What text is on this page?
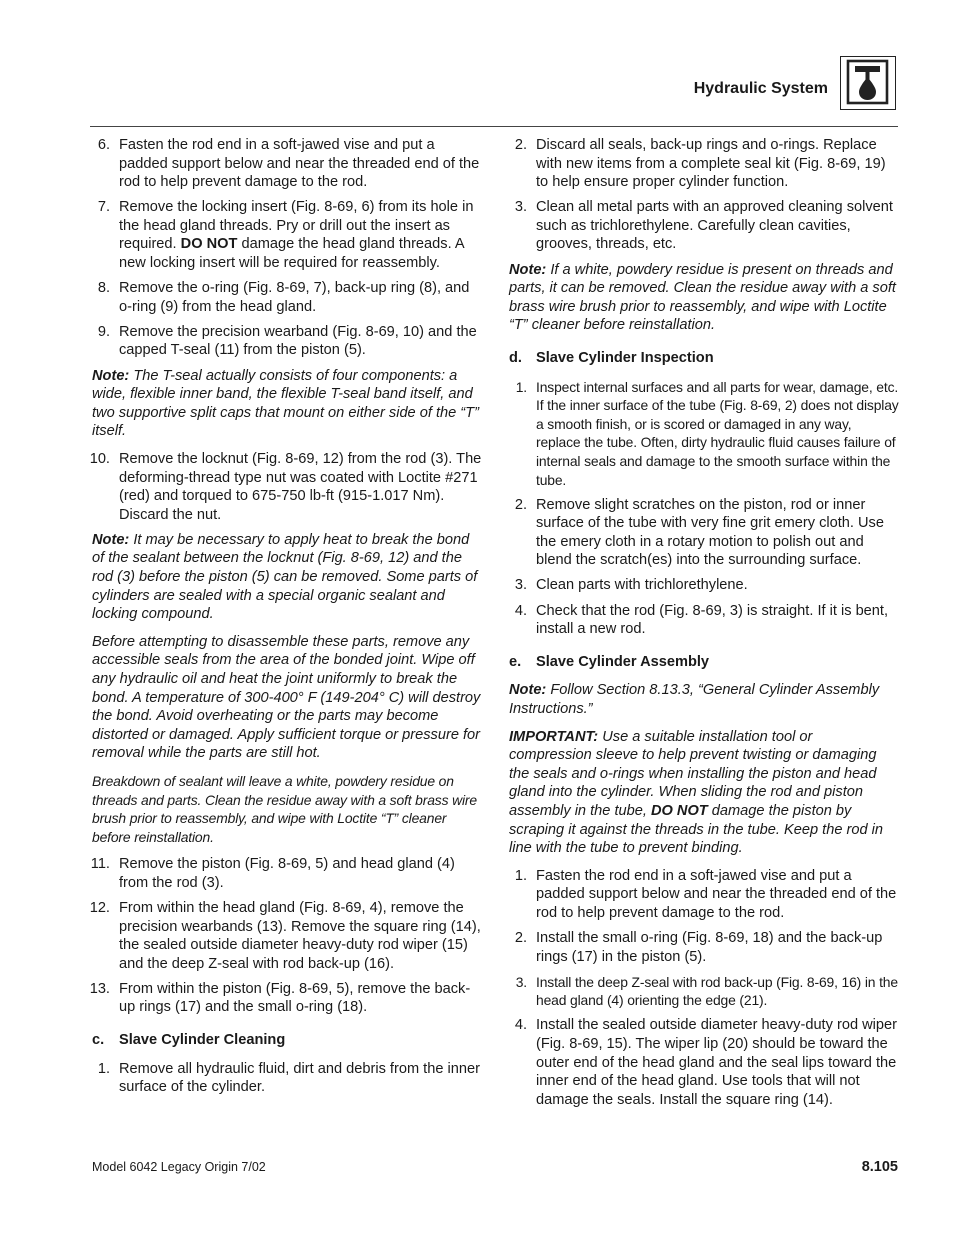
Hydraulic System
6. Fasten the rod end in a soft-jawed vise and put a padded support below and near the threaded end of the rod to help prevent damage to the rod.
7. Remove the locking insert (Fig. 8-69, 6) from its hole in the head gland threads. Pry or drill out the insert as required. DO NOT damage the head gland threads. A new locking insert will be required for reassembly.
8. Remove the o-ring (Fig. 8-69, 7), back-up ring (8), and o-ring (9) from the head gland.
9. Remove the precision wearband (Fig. 8-69, 10) and the capped T-seal (11) from the piston (5).
Note: The T-seal actually consists of four components: a wide, flexible inner band, the flexible T-seal band itself, and two supportive split caps that mount on either side of the “T” itself.
10. Remove the locknut (Fig. 8-69, 12) from the rod (3). The deforming-thread type nut was coated with Loctite #271 (red) and torqued to 675-750 lb-ft (915-1.017 Nm). Discard the nut.
Note: It may be necessary to apply heat to break the bond of the sealant between the locknut (Fig. 8-69, 12) and the rod (3) before the piston (5) can be removed. Some parts of cylinders are sealed with a special organic sealant and locking compound.
Before attempting to disassemble these parts, remove any accessible seals from the area of the bonded joint. Wipe off any hydraulic oil and heat the joint uniformly to break the bond. A temperature of 300-400° F (149-204° C) will destroy the bond. Avoid overheating or the parts may become distorted or damaged. Apply sufficient torque or pressure for removal while the parts are still hot.
Breakdown of sealant will leave a white, powdery residue on threads and parts. Clean the residue away with a soft brass wire brush prior to reassembly, and wipe with Loctite “T” cleaner before reinstallation.
11. Remove the piston (Fig. 8-69, 5) and head gland (4) from the rod (3).
12. From within the head gland (Fig. 8-69, 4), remove the precision wearbands (13). Remove the square ring (14), the sealed outside diameter heavy-duty rod wiper (15) and the deep Z-seal with rod back-up (16).
13. From within the piston (Fig. 8-69, 5), remove the back-up rings (17) and the small o-ring (18).
c. Slave Cylinder Cleaning
1. Remove all hydraulic fluid, dirt and debris from the inner surface of the cylinder.
2. Discard all seals, back-up rings and o-rings. Replace with new items from a complete seal kit (Fig. 8-69, 19) to help ensure proper cylinder function.
3. Clean all metal parts with an approved cleaning solvent such as trichlorethylene. Carefully clean cavities, grooves, threads, etc.
Note: If a white, powdery residue is present on threads and parts, it can be removed. Clean the residue away with a soft brass wire brush prior to reassembly, and wipe with Loctite “T” cleaner before reinstallation.
d. Slave Cylinder Inspection
1. Inspect internal surfaces and all parts for wear, damage, etc. If the inner surface of the tube (Fig. 8-69, 2) does not display a smooth finish, or is scored or damaged in any way, replace the tube. Often, dirty hydraulic fluid causes failure of internal seals and damage to the smooth surface within the tube.
2. Remove slight scratches on the piston, rod or inner surface of the tube with very fine grit emery cloth. Use the emery cloth in a rotary motion to polish out and blend the scratch(es) into the surrounding surface.
3. Clean parts with trichlorethylene.
4. Check that the rod (Fig. 8-69, 3) is straight. If it is bent, install a new rod.
e. Slave Cylinder Assembly
Note: Follow Section 8.13.3, “General Cylinder Assembly Instructions.”
IMPORTANT: Use a suitable installation tool or compression sleeve to help prevent twisting or damaging the seals and o-rings when installing the piston and head gland into the cylinder. When sliding the rod and piston assembly in the tube, DO NOT damage the piston by scraping it against the threads in the tube. Keep the rod in line with the tube to prevent binding.
1. Fasten the rod end in a soft-jawed vise and put a padded support below and near the threaded end of the rod to help prevent damage to the rod.
2. Install the small o-ring (Fig. 8-69, 18) and the back-up rings (17) in the piston (5).
3. Install the deep Z-seal with rod back-up (Fig. 8-69, 16) in the head gland (4) orienting the edge (21).
4. Install the sealed outside diameter heavy-duty rod wiper (Fig. 8-69, 15). The wiper lip (20) should be toward the outer end of the head gland and the seal lips toward the inner end of the head gland. Use tools that will not damage the seals. Install the square ring (14).
Model 6042 Legacy Origin 7/02	8.105
